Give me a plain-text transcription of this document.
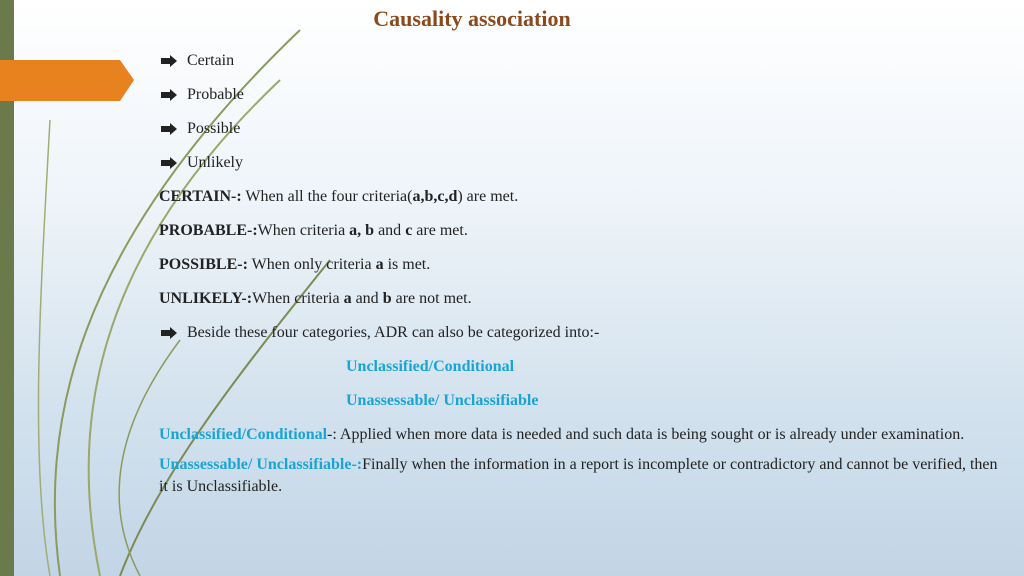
Causality association
Certain
Probable
Possible
Unlikely
CERTAIN-: When all the four criteria(a,b,c,d) are met.
PROBABLE-:When criteria a, b and c are met.
POSSIBLE-: When only criteria a is met.
UNLIKELY-:When criteria a and b are not met.
Beside these four categories, ADR can also be categorized into:-
Unclassified/Conditional
Unassessable/ Unclassifiable
Unclassified/Conditional-: Applied when more data is needed and such data is being sought or is already under examination.
Unassessable/ Unclassifiable-:Finally when the information in a report is incomplete or contradictory and cannot be verified, then it is Unclassifiable.
